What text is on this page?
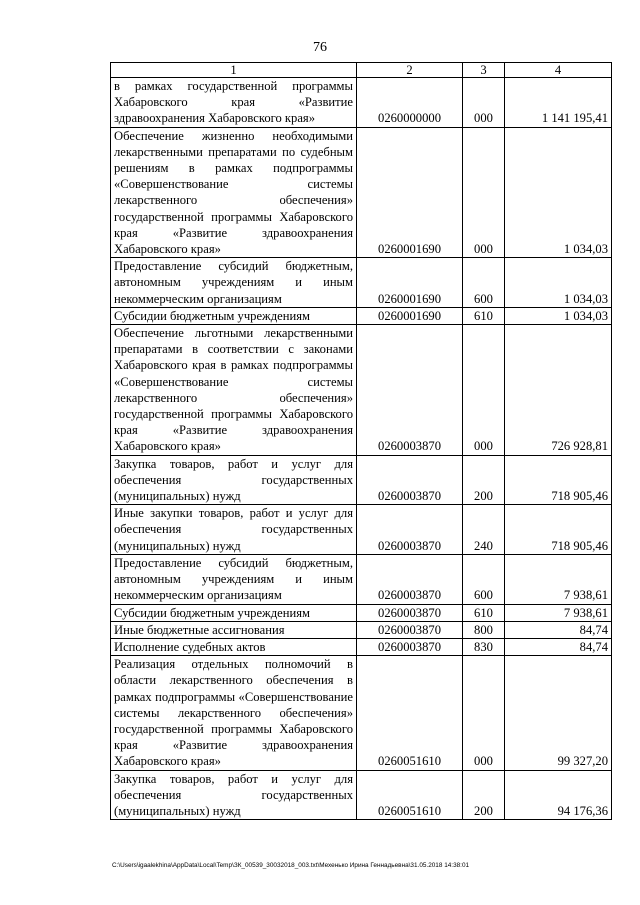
76
1	2	3	4
в рамках государственной программы Хабаровского края «Развитие здравоохранения Хабаровского края»	0260000000	000	1 141 195,41
Обеспечение жизненно необходимыми лекарственными препаратами по судебным решениям в рамках подпрограммы «Совершенствование системы лекарственного обеспечения» государственной программы Хабаровского края «Развитие здравоохранения Хабаровского края»	0260001690	000	1 034,03
Предоставление субсидий бюджетным, автономным учреждениям и иным некоммерческим организациям	0260001690	600	1 034,03
Субсидии бюджетным учреждениям	0260001690	610	1 034,03
Обеспечение льготными лекарственными препаратами в соответствии с законами Хабаровского края в рамках подпрограммы «Совершенствование системы лекарственного обеспечения» государственной программы Хабаровского края «Развитие здравоохранения Хабаровского края»	0260003870	000	726 928,81
Закупка товаров, работ и услуг для обеспечения государственных (муниципальных) нужд	0260003870	200	718 905,46
Иные закупки товаров, работ и услуг для обеспечения государственных (муниципальных) нужд	0260003870	240	718 905,46
Предоставление субсидий бюджетным, автономным учреждениям и иным некоммерческим организациям	0260003870	600	7 938,61
Субсидии бюджетным учреждениям	0260003870	610	7 938,61
Иные бюджетные ассигнования	0260003870	800	84,74
Исполнение судебных актов	0260003870	830	84,74
Реализация отдельных полномочий в области лекарственного обеспечения в рамках подпрограммы «Совершенствование системы лекарственного обеспечения» государственной программы Хабаровского края «Развитие здравоохранения Хабаровского края»	0260051610	000	99 327,20
Закупка товаров, работ и услуг для обеспечения государственных (муниципальных) нужд	0260051610	200	94 176,36
C:\Users\igaalekhina\AppData\Local\Temp\ЗК_00539_30032018_003.txt\Мехенько Ирина Геннадьевна\31.05.2018 14:38:01
